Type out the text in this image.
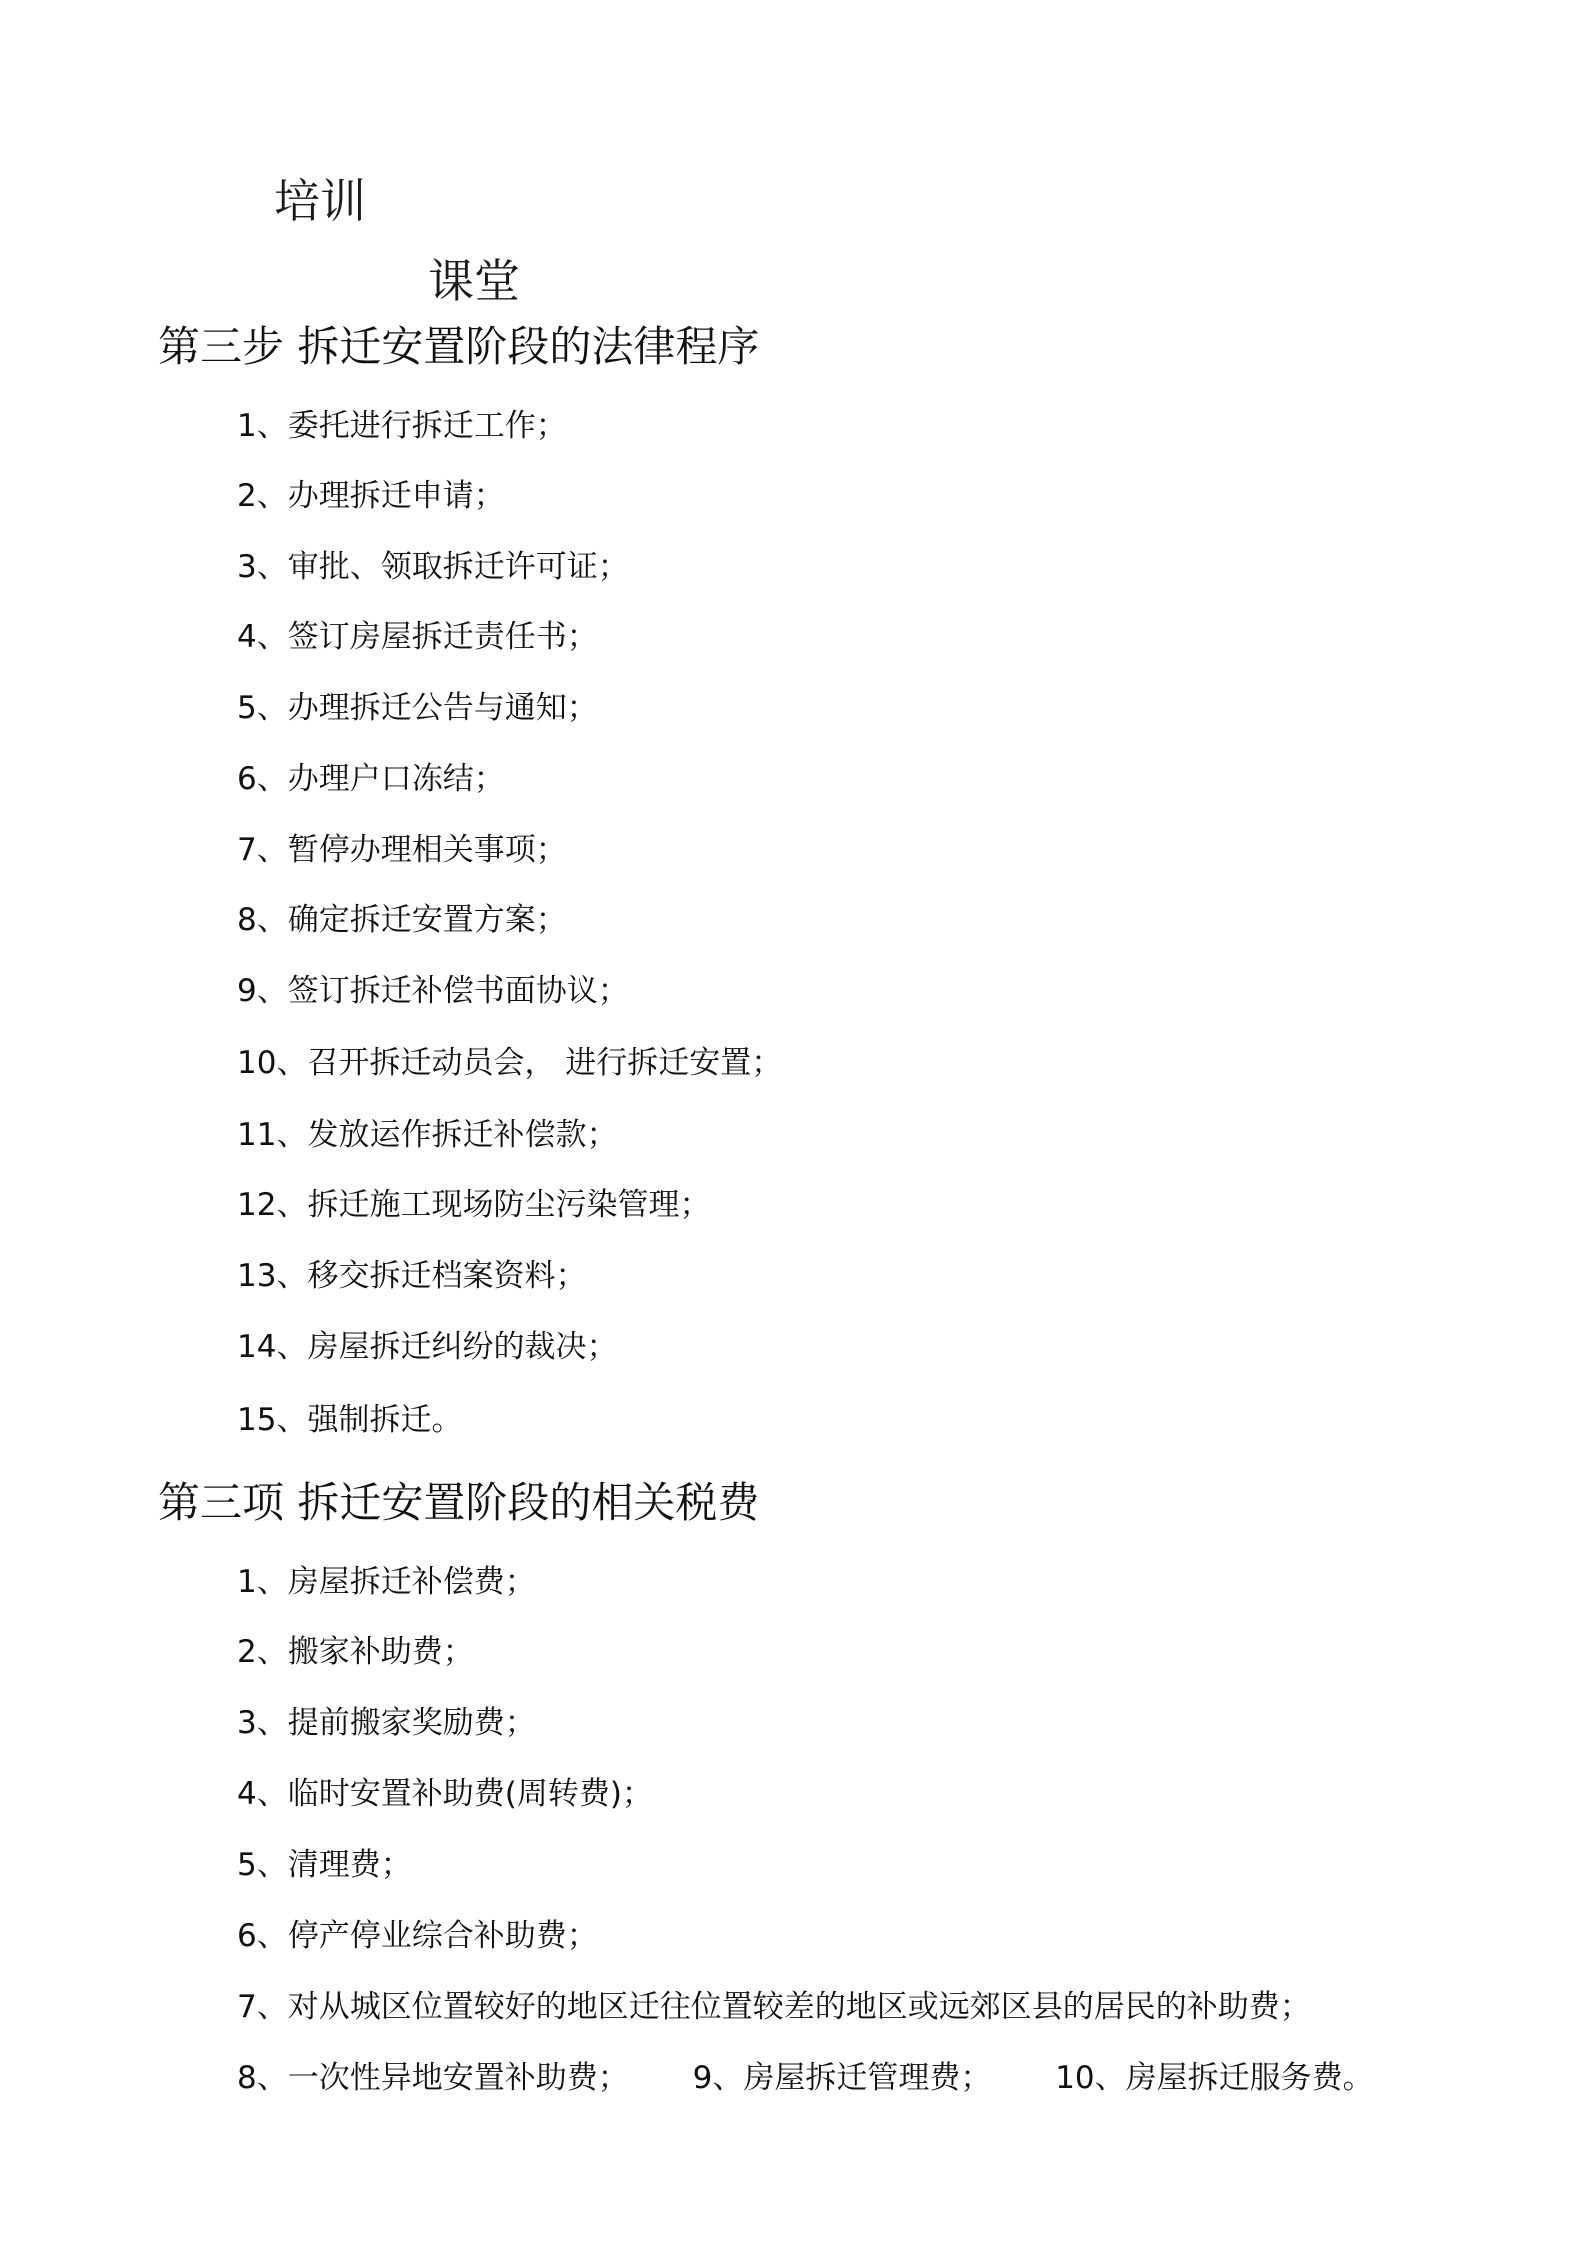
培训
课堂
第三步 拆迁安置阶段的法律程序
1、委托进行拆迁工作；
2、办理拆迁申请；
3、审批、领取拆迁许可证；
4、签订房屋拆迁责任书；
5、办理拆迁公告与通知；
6、办理户口冻结；
7、暂停办理相关事项；
8、确定拆迁安置方案；
9、签订拆迁补偿书面协议；
10、召开拆迁动员会， 进行拆迁安置；
11、发放运作拆迁补偿款；
12、拆迁施工现场防尘污染管理；
13、移交拆迁档案资料；
14、房屋拆迁纠纷的裁决；
15、强制拆迁。
第三项 拆迁安置阶段的相关税费
1、房屋拆迁补偿费；
2、搬家补助费；
3、提前搬家奖励费；
4、临时安置补助费(周转费)；
5、清理费；
6、停产停业综合补助费；
7、对从城区位置较好的地区迁往位置较差的地区或远郊区县的居民的补助费；
8、一次性异地安置补助费； 9、房屋拆迁管理费； 10、房屋拆迁服务费。
